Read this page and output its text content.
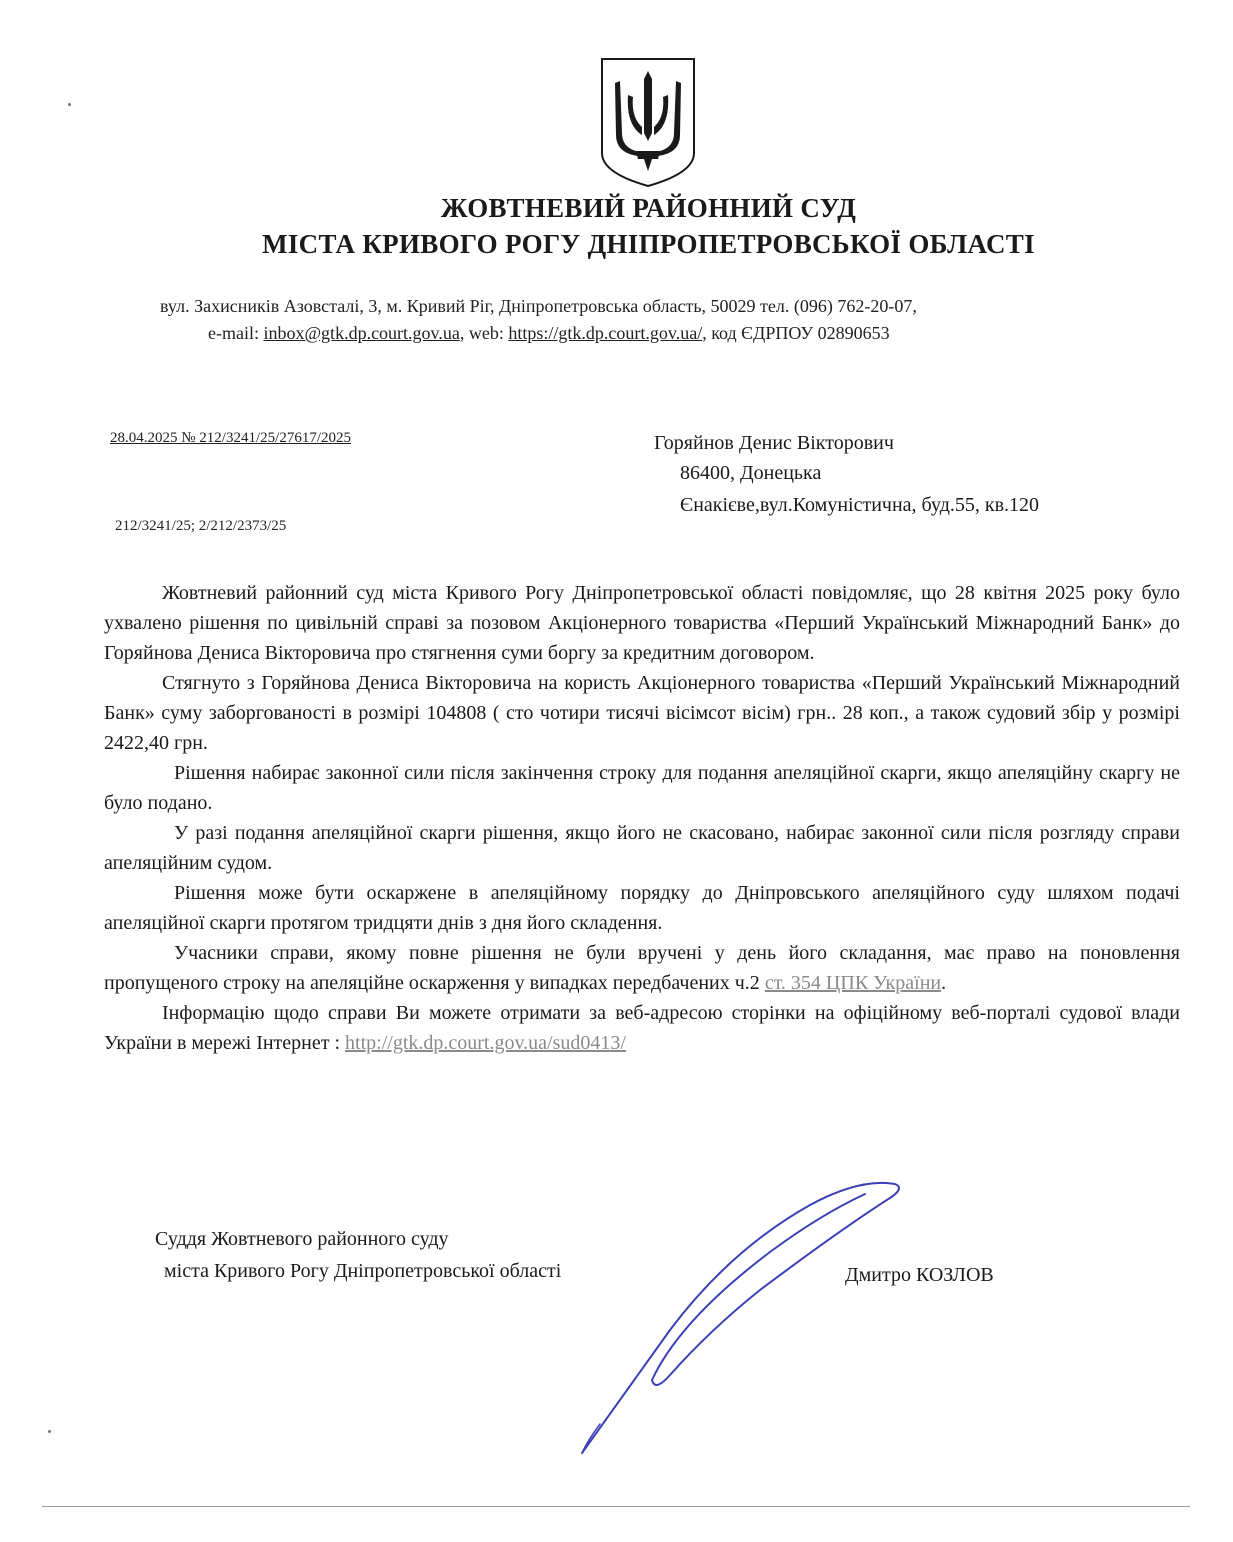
ЖОВТНЕВИЙ РАЙОННИЙ СУД
МІСТА КРИВОГО РОГУ ДНІПРОПЕТРОВСЬКОЇ ОБЛАСТІ
вул. Захисників Азовсталі, 3, м. Кривий Ріг, Дніпропетровська область, 50029 тел. (096) 762-20-07,
e-mail: inbox@gtk.dp.court.gov.ua, web: https://gtk.dp.court.gov.ua/, код ЄДРПОУ 02890653
28.04.2025 № 212/3241/25/27617/2025
212/3241/25; 2/212/2373/25
Горяйнов Денис Вікторович
86400, Донецька
Єнакієве,вул.Комуністична, буд.55, кв.120

Жовтневий районний суд міста Кривого Рогу Дніпропетровської області повідомляє, що 28 квітня 2025 року було ухвалено рішення по цивільній справі за позовом Акціонерного товариства «Перший Український Міжнародний Банк» до Горяйнова Дениса Вікторовича про стягнення суми боргу за кредитним договором.

Стягнуто з Горяйнова Дениса Вікторовича на користь Акціонерного товариства «Перший Український Міжнародний Банк» суму заборгованості в розмірі 104808 ( сто чотири тисячі вісімсот вісім) грн.. 28 коп., а також судовий збір у розмірі 2422,40 грн.

Рішення набирає законної сили після закінчення строку для подання апеляційної скарги, якщо апеляційну скаргу не було подано.

У разі подання апеляційної скарги рішення, якщо його не скасовано, набирає законної сили після розгляду справи апеляційним судом.

Рішення може бути оскаржене в апеляційному порядку до Дніпровського апеляційного суду шляхом подачі апеляційної скарги протягом тридцяти днів з дня його складення.

Учасники справи, якому повне рішення не були вручені у день його складання, має право на поновлення пропущеного строку на апеляційне оскарження у випадках передбачених ч.2 ст. 354 ЦПК України.

Інформацію щодо справи Ви можете отримати за веб-адресою сторінки на офіційному веб-порталі судової влади України в мережі Інтернет : http://gtk.dp.court.gov.ua/sud0413/

Суддя Жовтневого районного суду
міста Кривого Рогу Дніпропетровської області	Дмитро КОЗЛОВ
